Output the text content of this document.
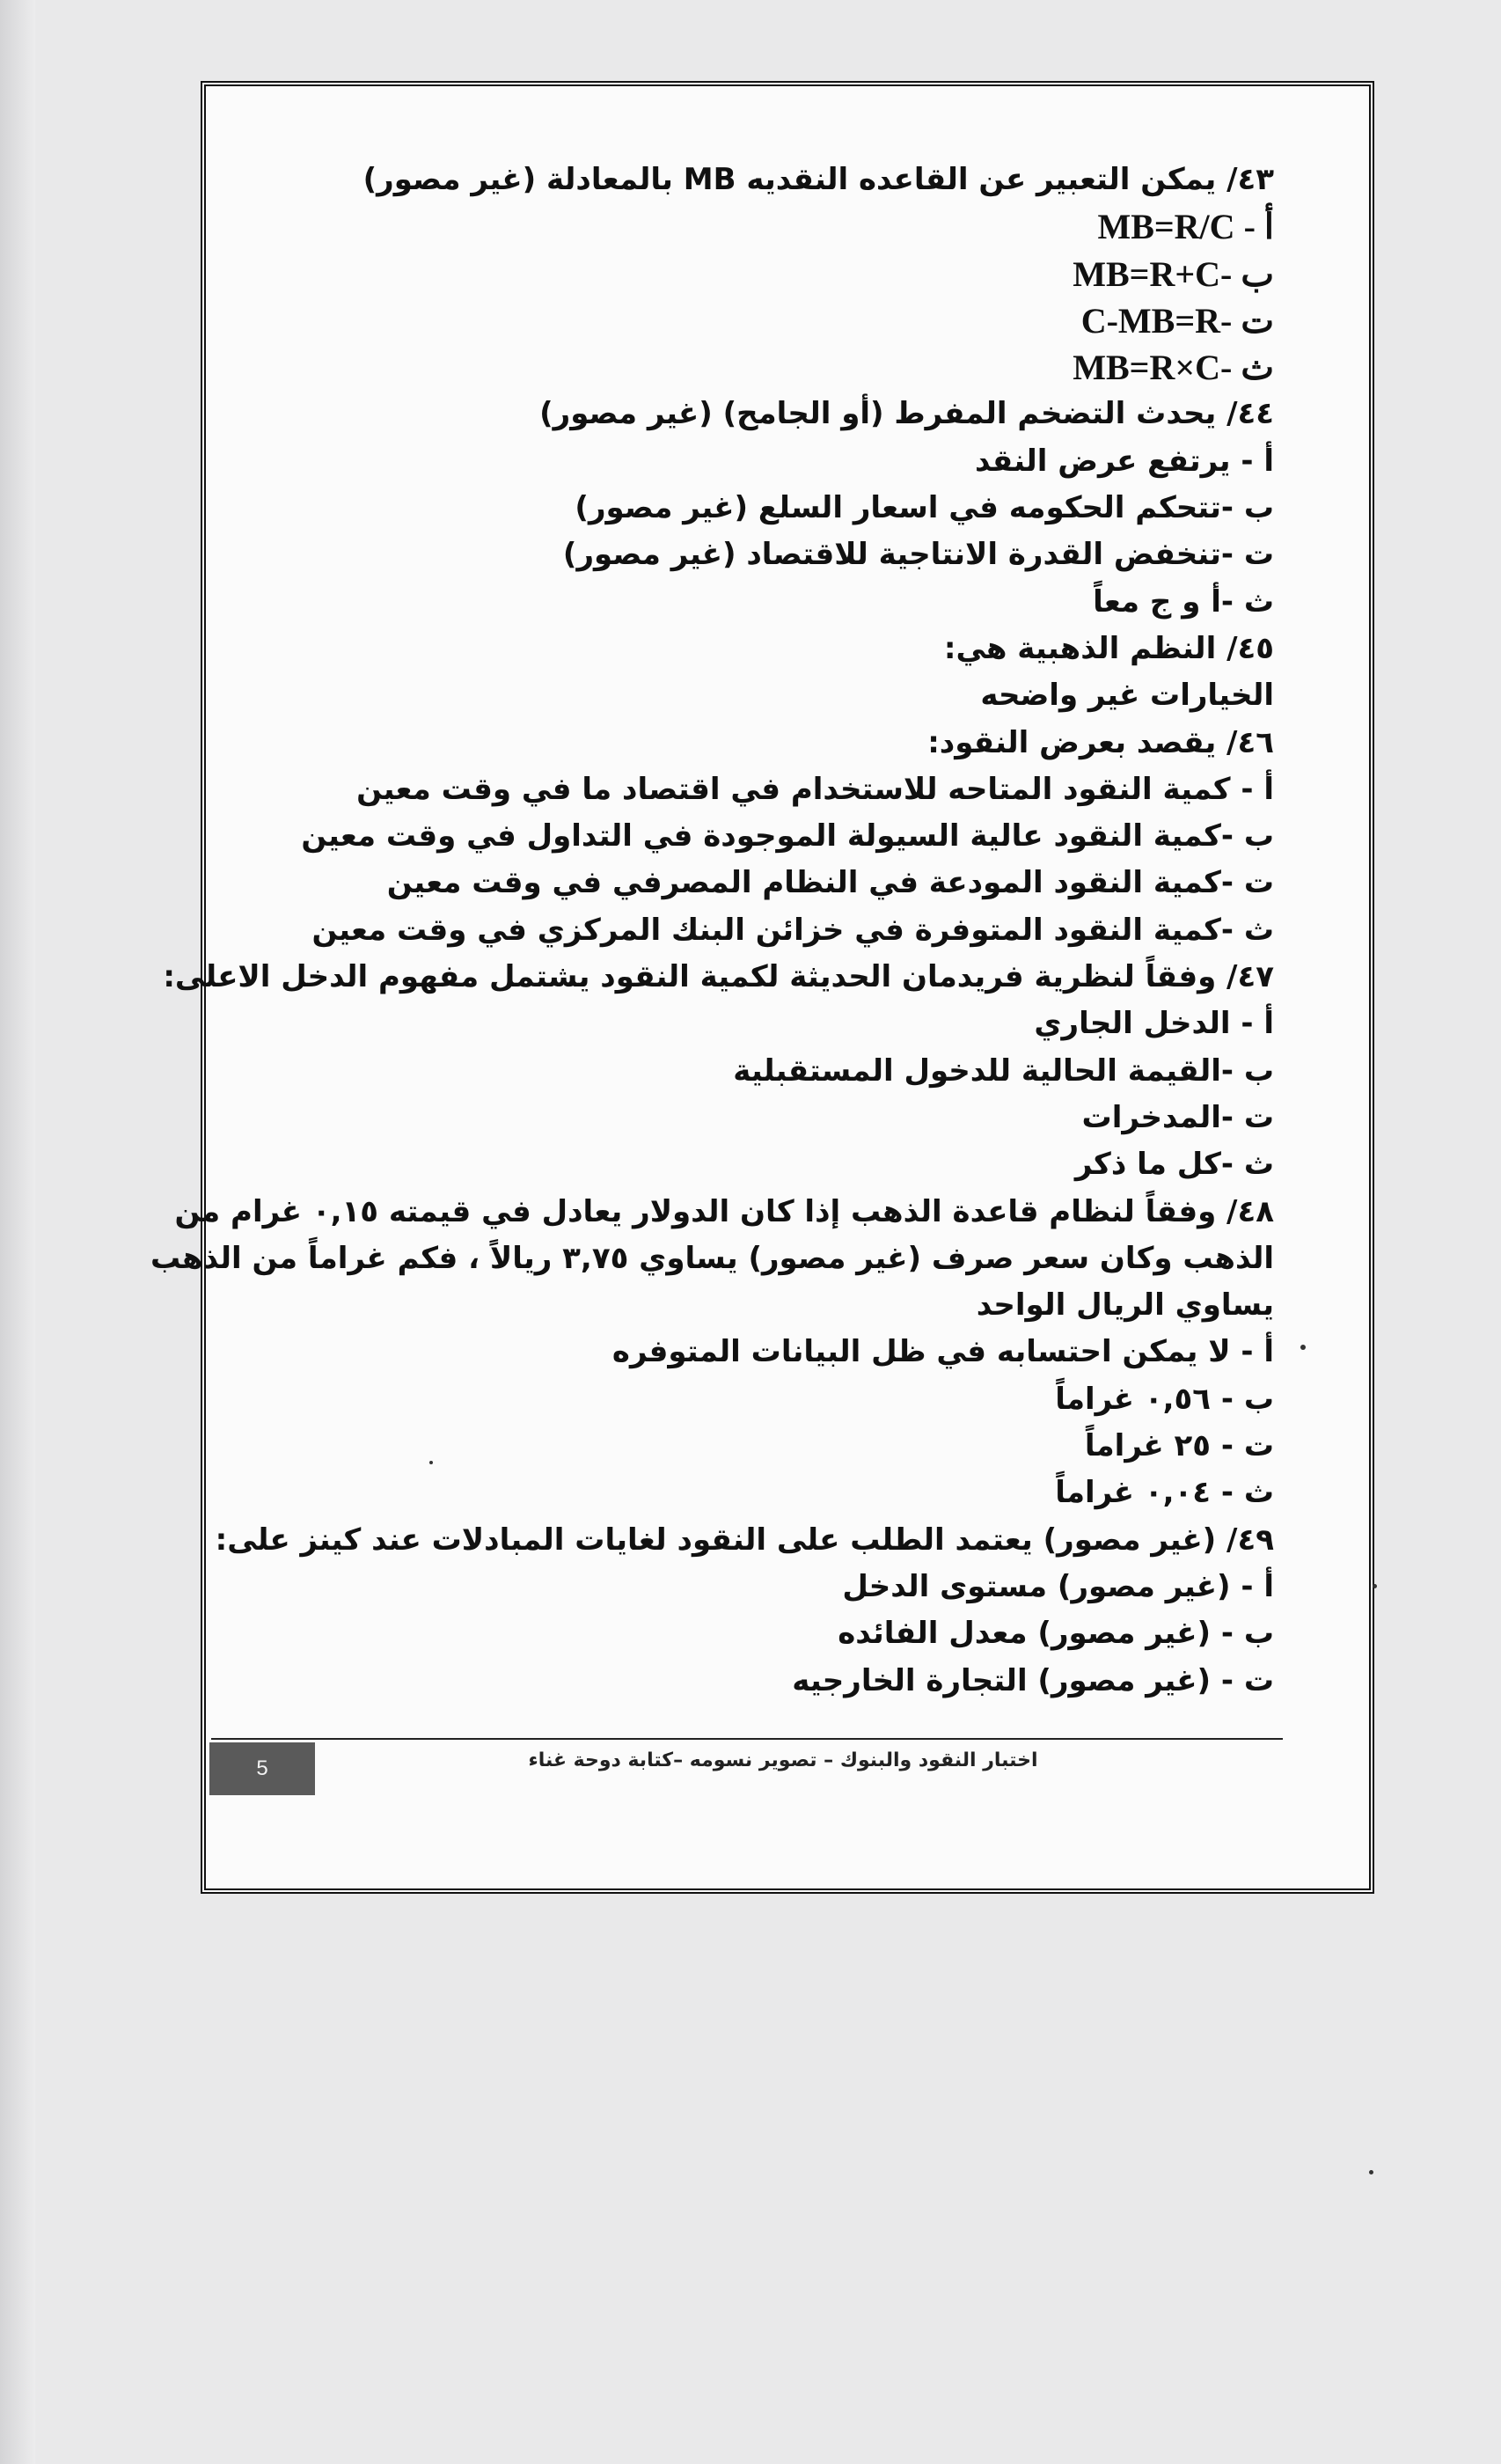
٤٣/ يمكن التعبير عن القاعده النقديه MB بالمعادلة (غير مصور)
أ - MB=R/C
ب -MB=R+C
ت -C-MB=R
ث -MB=R×C
٤٤/ يحدث التضخم المفرط (أو الجامح) (غير مصور)
أ - يرتفع عرض النقد
ب -تتحكم الحكومه في اسعار السلع (غير مصور)
ت -تنخفض القدرة الانتاجية للاقتصاد (غير مصور)
ث -أ و ج معاً
٤٥/ النظم الذهبية هي:
الخيارات غير واضحه
٤٦/ يقصد بعرض النقود:
أ - كمية النقود المتاحه للاستخدام في اقتصاد ما في وقت معين
ب -كمية النقود عالية السيولة الموجودة في التداول في وقت معين
ت -كمية النقود المودعة في النظام المصرفي في وقت معين
ث -كمية النقود المتوفرة في خزائن البنك المركزي في وقت معين
٤٧/ وفقاً لنظرية فريدمان الحديثة لكمية النقود يشتمل مفهوم الدخل الاعلى:
أ - الدخل الجاري
ب -القيمة الحالية للدخول المستقبلية
ت -المدخرات
ث -كل ما ذكر
٤٨/ وفقاً لنظام قاعدة الذهب إذا كان الدولار يعادل في قيمته ٠,١٥ غرام من
الذهب وكان سعر صرف (غير مصور) يساوي ٣,٧٥ ريالاً ، فكم غراماً من الذهب
يساوي الريال الواحد
أ - لا يمكن احتسابه في ظل البيانات المتوفره
ب - ٠,٥٦ غراماً
ت - ٢٥ غراماً
ث - ٠,٠٤ غراماً
٤٩/ (غير مصور) يعتمد الطلب على النقود لغايات المبادلات عند كينز على:
أ - (غير مصور) مستوى الدخل
ب - (غير مصور) معدل الفائده
ت - (غير مصور) التجارة الخارجيه
5	اختبار النقود والبنوك – تصوير نسومه –كتابة دوحة غناء
